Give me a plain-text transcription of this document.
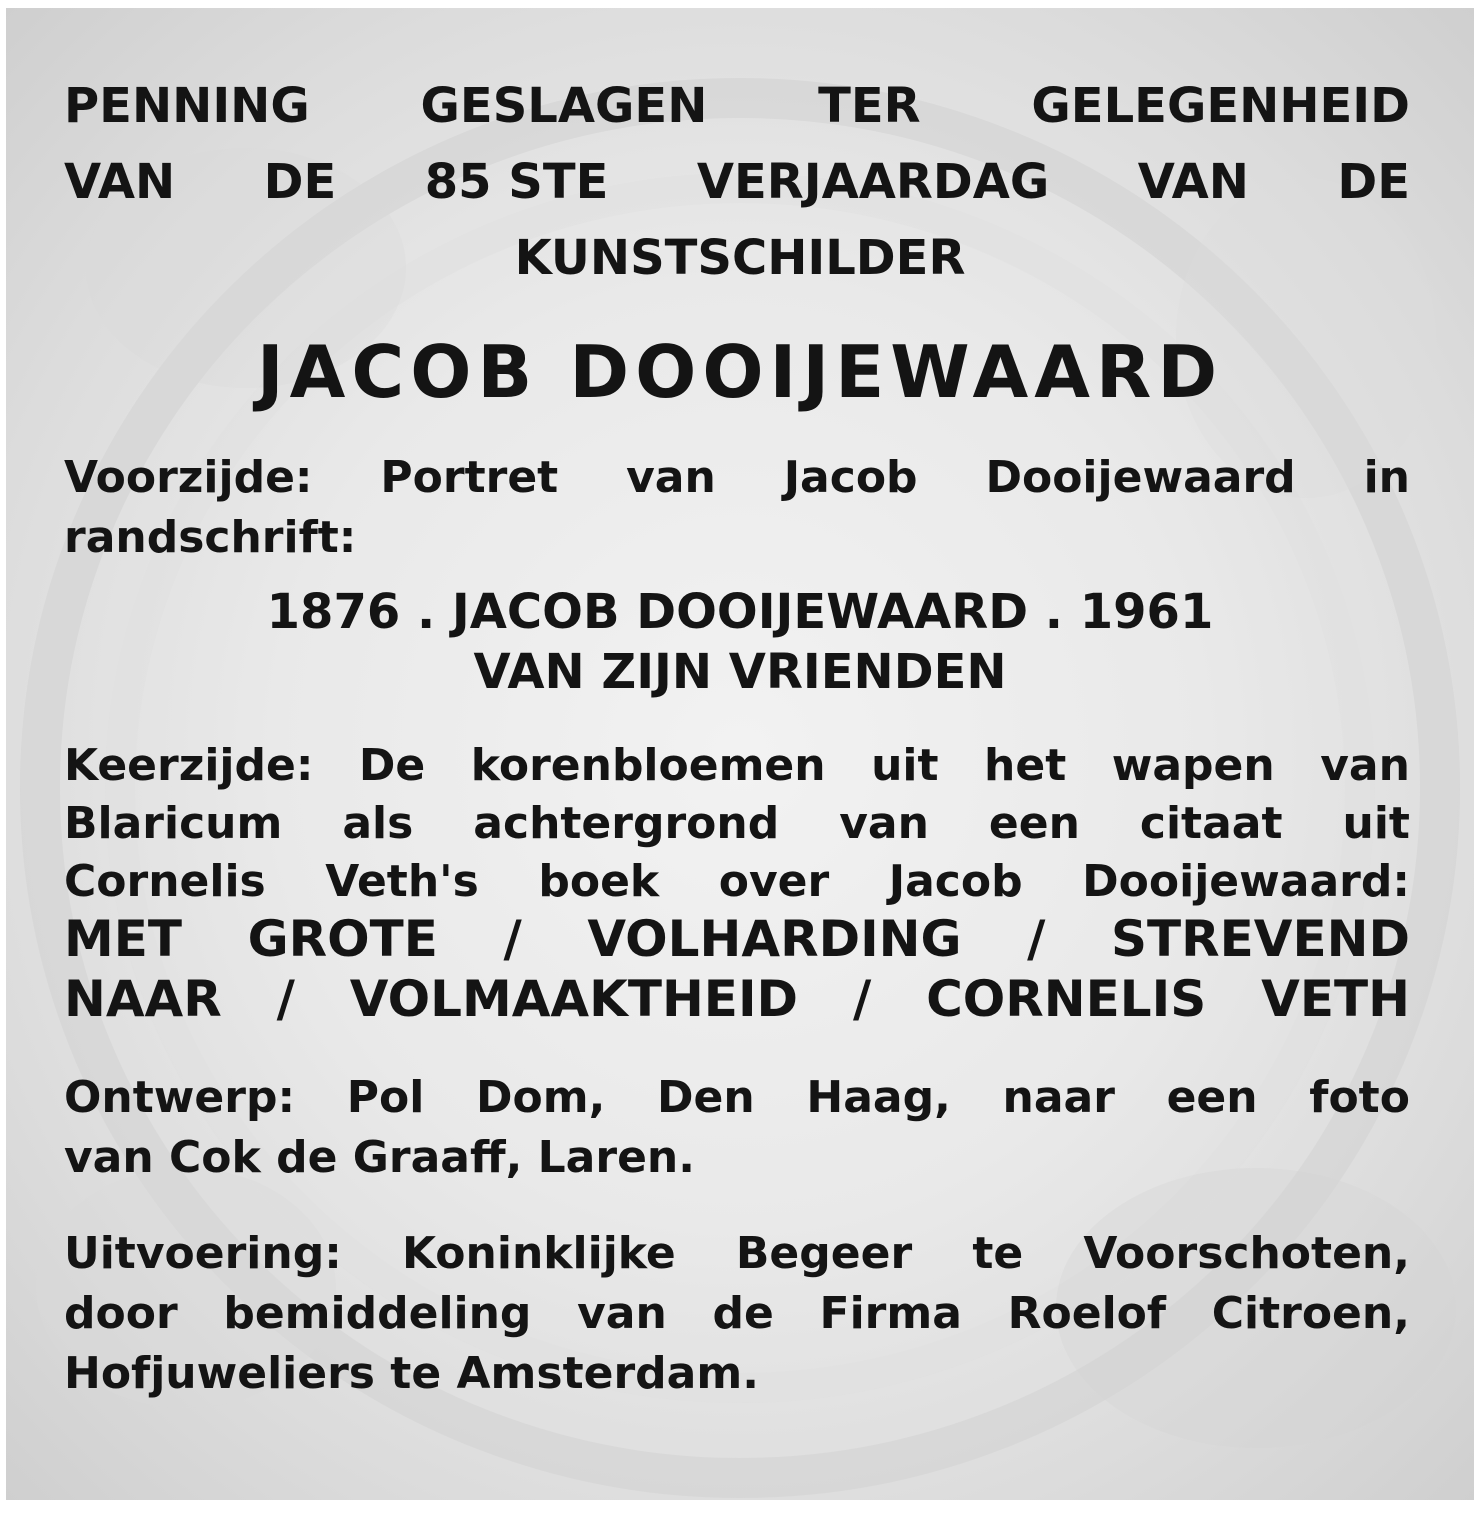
PENNING GESLAGEN TER GELEGENHEID
VAN DE 85 STE VERJAARDAG VAN DE
KUNSTSCHILDER
JACOB DOOIJEWAARD
Voorzijde: Portret van Jacob Dooijewaard in
randschrift:
1876 . JACOB DOOIJEWAARD . 1961
VAN ZIJN VRIENDEN
Keerzijde: De korenbloemen uit het wapen van
Blaricum als achtergrond van een citaat uit
Cornelis Veth's boek over Jacob Dooijewaard:
MET GROTE / VOLHARDING / STREVEND
NAAR / VOLMAAKTHEID / CORNELIS VETH
Ontwerp: Pol Dom, Den Haag, naar een foto
van Cok de Graaff, Laren.
Uitvoering: Koninklijke Begeer te Voorschoten,
door bemiddeling van de Firma Roelof Citroen,
Hofjuweliers te Amsterdam.
